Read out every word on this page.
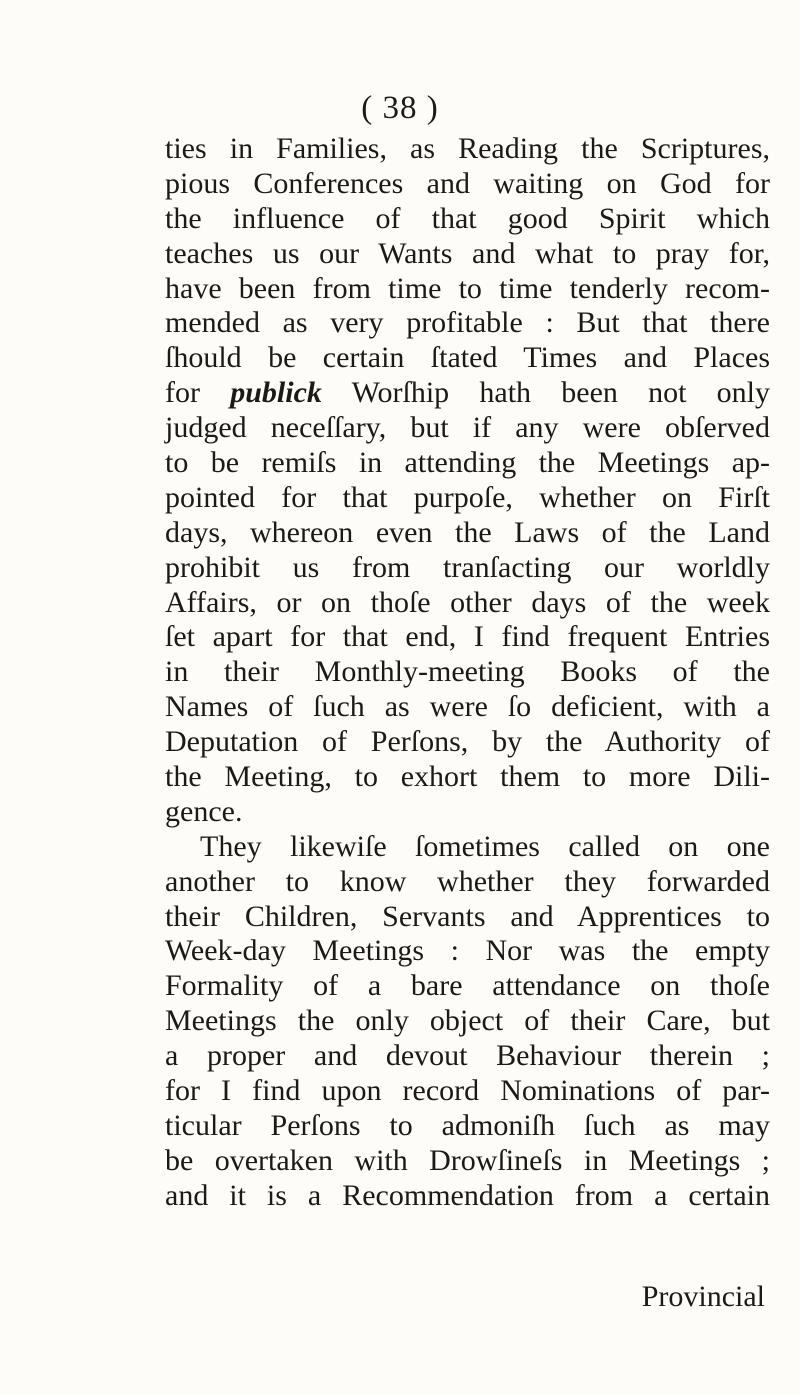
( 38 )
ties in Families, as Reading the Scriptures,
pious Conferences and waiting on God for
the influence of that good Spirit which
teaches us our Wants and what to pray for,
have been from time to time tenderly recom-
mended as very profitable : But that there
ſhould be certain ſtated Times and Places
for publick Worſhip hath been not only
judged neceſſary, but if any were obſerved
to be remiſs in attending the Meetings ap-
pointed for that purpoſe, whether on Firſt
days, whereon even the Laws of the Land
prohibit us from tranſacting our worldly
Affairs, or on thoſe other days of the week
ſet apart for that end, I find frequent Entries
in their Monthly-meeting Books of the
Names of ſuch as were ſo deficient, with a
Deputation of Perſons, by the Authority of
the Meeting, to exhort them to more Dili-
gence.
They likewiſe ſometimes called on one
another to know whether they forwarded
their Children, Servants and Apprentices to
Week-day Meetings : Nor was the empty
Formality of a bare attendance on thoſe
Meetings the only object of their Care, but
a proper and devout Behaviour therein ;
for I find upon record Nominations of par-
ticular Perſons to admoniſh ſuch as may
be overtaken with Drowſineſs in Meetings ;
and it is a Recommendation from a certain
Provincial
